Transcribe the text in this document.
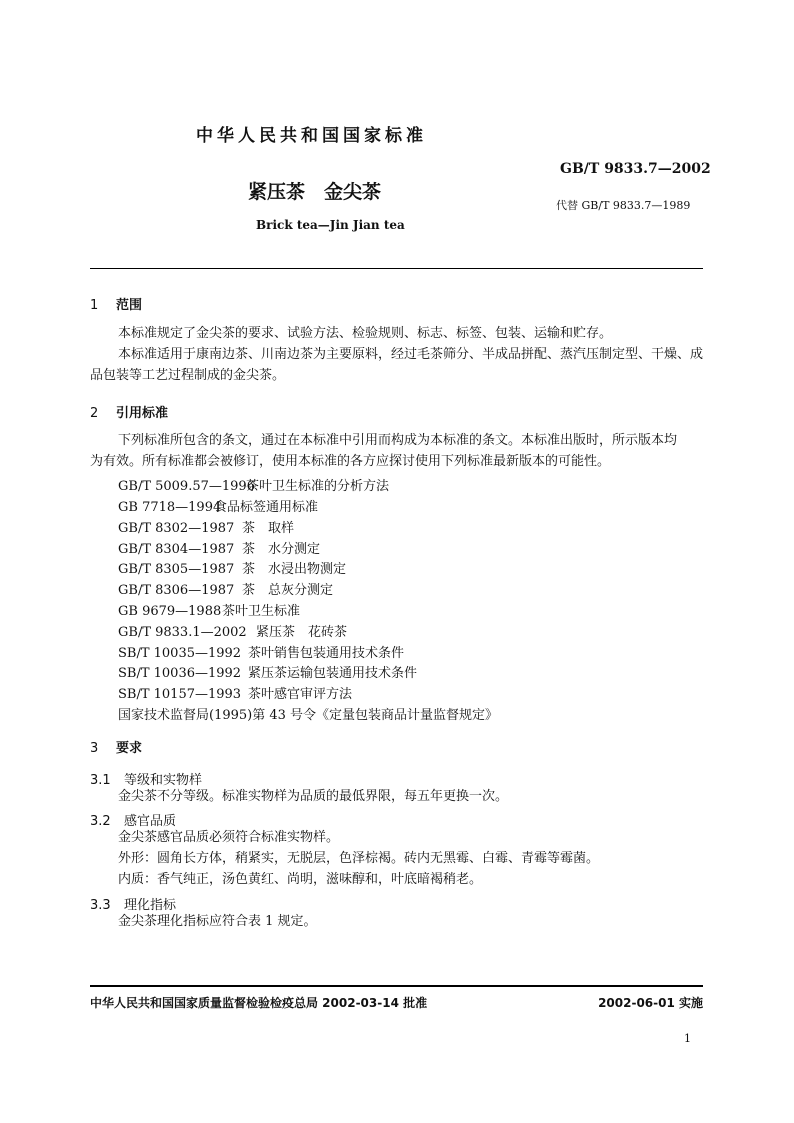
中华人民共和国国家标准
GB/T 9833.7—2002
紧压茶　金尖茶
代替 GB/T 9833.7—1989
Brick tea—Jin Jian tea
1 范围
本标准规定了金尖茶的要求、试验方法、检验规则、标志、标签、包装、运输和贮存。
本标准适用于康南边茶、川南边茶为主要原料，经过毛茶筛分、半成品拼配、蒸汽压制定型、干燥、成
品包装等工艺过程制成的金尖茶。
2 引用标准
下列标准所包含的条文，通过在本标准中引用而构成为本标准的条文。本标准出版时，所示版本均
为有效。所有标准都会被修订，使用本标准的各方应探讨使用下列标准最新版本的可能性。
GB/T 5009.57—1996茶叶卫生标准的分析方法
GB 7718—1994食品标签通用标准
GB/T 8302—1987 茶　取样
GB/T 8304—1987 茶　水分测定
GB/T 8305—1987 茶　水浸出物测定
GB/T 8306—1987 茶　总灰分测定
GB 9679—1988茶叶卫生标准
GB/T 9833.1—2002 紧压茶　花砖茶
SB/T 10035—1992 茶叶销售包装通用技术条件
SB/T 10036—1992 紧压茶运输包装通用技术条件
SB/T 10157—1993 茶叶感官审评方法
国家技术监督局(1995)第 43 号令《定量包装商品计量监督规定》
3 要求
3.1 等级和实物样
金尖茶不分等级。标准实物样为品质的最低界限，每五年更换一次。
3.2 感官品质
金尖茶感官品质必须符合标准实物样。
外形：圆角长方体，稍紧实，无脱层，色泽棕褐。砖内无黑霉、白霉、青霉等霉菌。
内质：香气纯正，汤色黄红、尚明，滋味醇和，叶底暗褐稍老。
3.3 理化指标
金尖茶理化指标应符合表 1 规定。
中华人民共和国国家质量监督检验检疫总局 2002-03-14 批准	2002-06-01 实施
1
